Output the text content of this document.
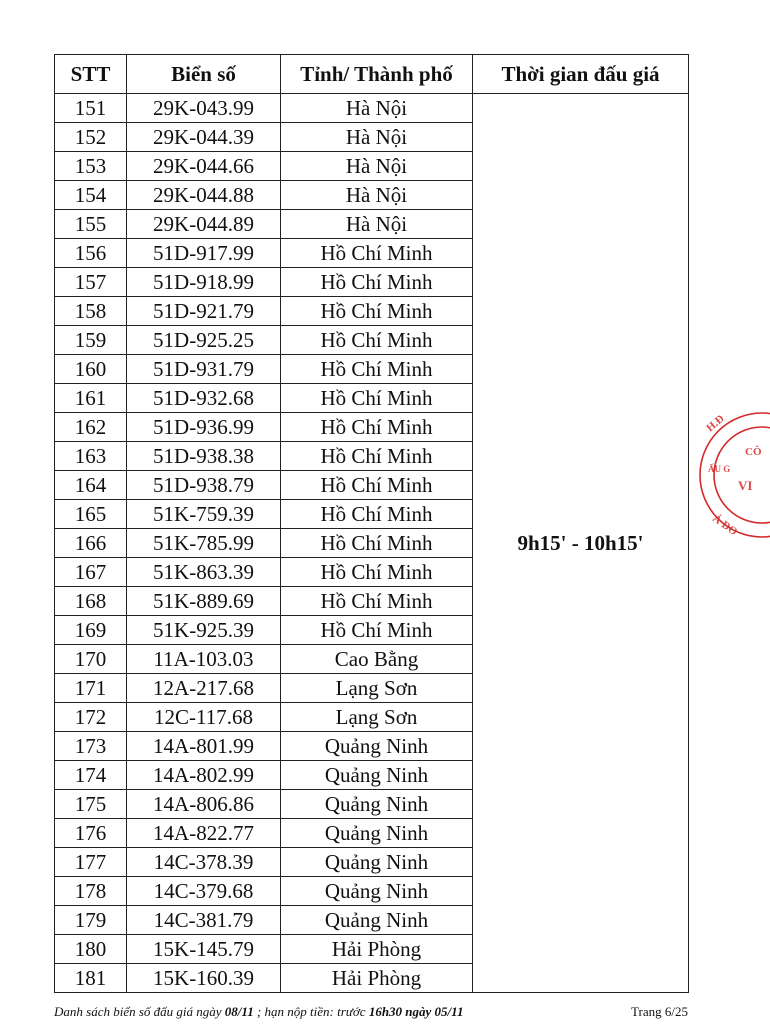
STT	Biển số	Tỉnh/ Thành phố	Thời gian đấu giá
151	29K-043.99	Hà Nội	9h15' - 10h15'
152	29K-044.39	Hà Nội	
153	29K-044.66	Hà Nội	
154	29K-044.88	Hà Nội	
155	29K-044.89	Hà Nội	
156	51D-917.99	Hồ Chí Minh	
157	51D-918.99	Hồ Chí Minh	
158	51D-921.79	Hồ Chí Minh	
159	51D-925.25	Hồ Chí Minh	
160	51D-931.79	Hồ Chí Minh	
161	51D-932.68	Hồ Chí Minh	
162	51D-936.99	Hồ Chí Minh	
163	51D-938.38	Hồ Chí Minh	
164	51D-938.79	Hồ Chí Minh	
165	51K-759.39	Hồ Chí Minh	
166	51K-785.99	Hồ Chí Minh	
167	51K-863.39	Hồ Chí Minh	
168	51K-889.69	Hồ Chí Minh	
169	51K-925.39	Hồ Chí Minh	
170	11A-103.03	Cao Bằng	
171	12A-217.68	Lạng Sơn	
172	12C-117.68	Lạng Sơn	
173	14A-801.99	Quảng Ninh	
174	14A-802.99	Quảng Ninh	
175	14A-806.86	Quảng Ninh	
176	14A-822.77	Quảng Ninh	
177	14C-378.39	Quảng Ninh	
178	14C-379.68	Quảng Ninh	
179	14C-381.79	Quảng Ninh	
180	15K-145.79	Hải Phòng	
181	15K-160.39	Hải Phòng	
Danh sách biển số đấu giá ngày 08/11 ; hạn nộp tiền: trước 16h30 ngày 05/11	Trang 6/25
H.Đ
CÔ
ẤU G
VI
Ả ĐO
